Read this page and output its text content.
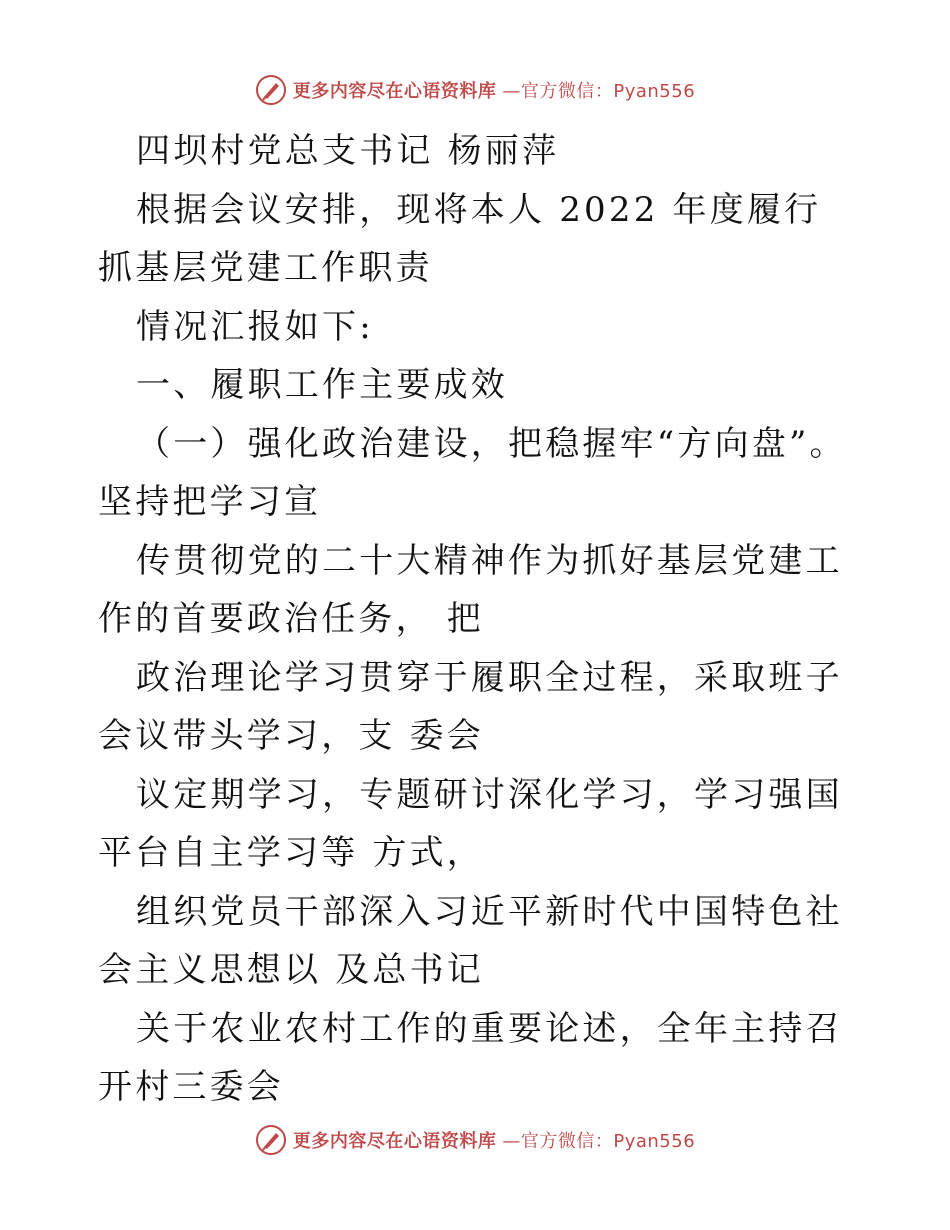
更多内容尽在心语资料库 —官方微信：Pyan556

四坝村党总支书记 杨丽萍

根据会议安排，现将本人 2022 年度履行抓基层党建工作职责

情况汇报如下:

一、履职工作主要成效

（一）强化政治建设，把稳握牢“方向盘”。坚持把学习宣

传贯彻党的二十大精神作为抓好基层党建工作的首要政治任务， 把

政治理论学习贯穿于履职全过程，采取班子会议带头学习，支 委会

议定期学习，专题研讨深化学习，学习强国平台自主学习等 方式，

组织党员干部深入习近平新时代中国特色社会主义思想以 及总书记

关于农业农村工作的重要论述，全年主持召开村三委会

更多内容尽在心语资料库 —官方微信：Pyan556
